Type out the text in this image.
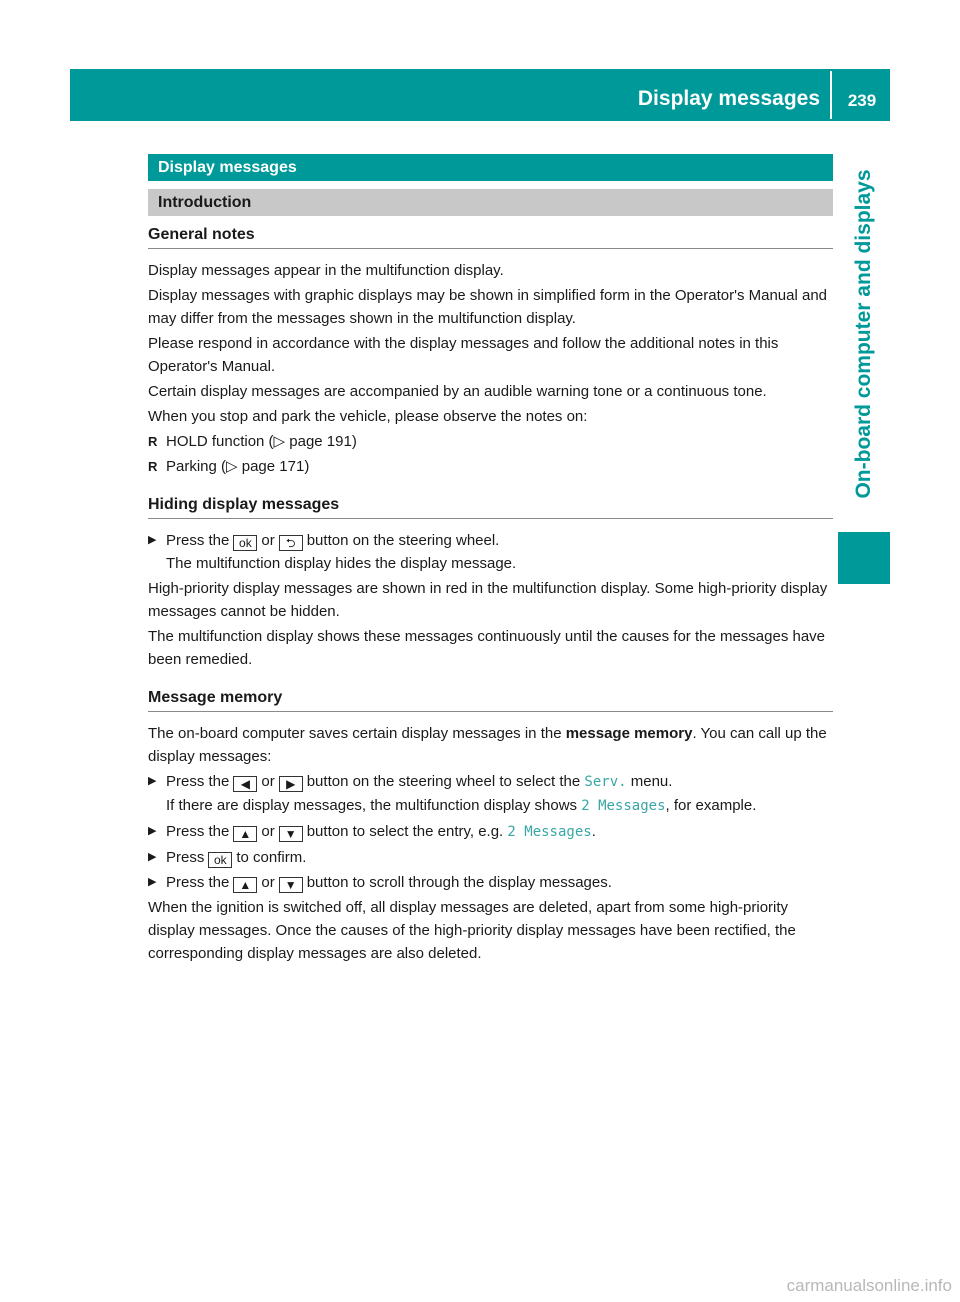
Display messages	239
On-board computer and displays
Display messages
Introduction
General notes

Display messages appear in the multifunction display.

Display messages with graphic displays may be shown in simplified form in the Operator's Manual and may differ from the messages shown in the multifunction display.

Please respond in accordance with the display messages and follow the additional notes in this Operator's Manual.

Certain display messages are accompanied by an audible warning tone or a continuous tone.

When you stop and park the vehicle, please observe the notes on:

R HOLD function (▷ page 191)
R Parking (▷ page 171)
Hiding display messages
▶ Press the ok or ⮌ button on the steering wheel.
The multifunction display hides the display message.

High-priority display messages are shown in red in the multifunction display. Some high-priority display messages cannot be hidden.

The multifunction display shows these messages continuously until the causes for the messages have been remedied.

Message memory

The on-board computer saves certain display messages in the message memory. You can call up the display messages:

▶ Press the ◀ or ▶ button on the steering wheel to select the Serv. menu.
If there are display messages, the multifunction display shows 2 Messages, for example.
▶ Press the ▲ or ▼ button to select the entry, e.g. 2 Messages.
▶ Press ok to confirm.
▶ Press the ▲ or ▼ button to scroll through the display messages.

When the ignition is switched off, all display messages are deleted, apart from some high-priority display messages. Once the causes of the high-priority display messages have been rectified, the corresponding display messages are also deleted.

carmanualsonline.info
